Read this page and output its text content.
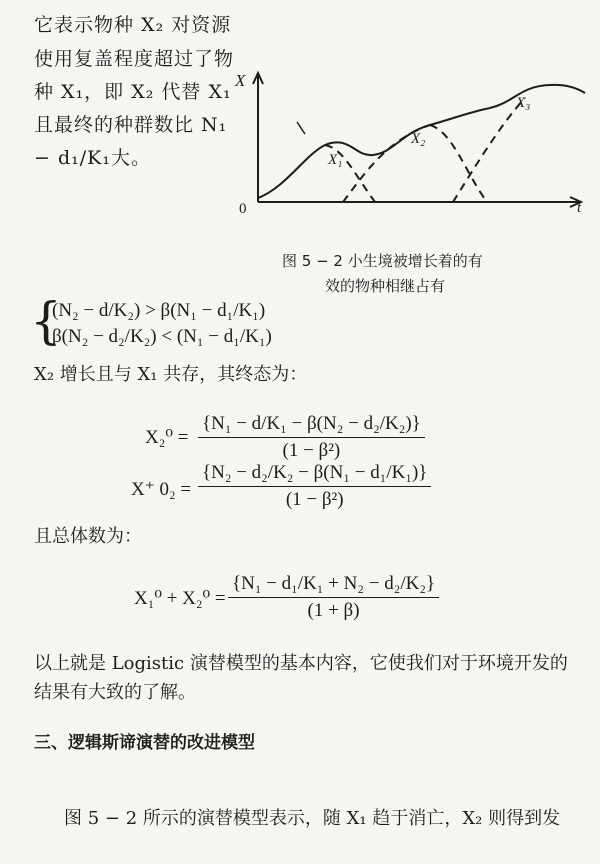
它表示物种 X₂ 对资源
使用复盖程度超过了物
种 X₁，即 X₂ 代替 X₁
且最终的种群数比 N₁
− d₁/K₁大。
X
t
0
X₁
X₂
X₃
图 5 − 2 小生境被增长着的有
效的物种相继占有
{
(N₂ − d/K₂) > β(N₁ − d₁/K₁)
β(N₂ − d₂/K₂) < (N₁ − d₁/K₁)
X₂ 增长且与 X₁ 共存，其终态为：
$X_2^0 = \frac{\text{\{N₁ − d/K₁ − β(N₂ − d₂/K₂)\}}}{\text{(1 − β²)}}$
X⁺ $0_2 = \frac{\text{\{N₂ − d₂/K₂ − β(N₁ − d₁/K₁)\}}}{\text{(1 − β²)}}$
且总体数为：
$X_1^0 + X_2^0 = \frac{\text{\{N₁ − d₁/K₁ + N₂ − d₂/K₂\}}}{(1 + \beta)}$
以上就是 Logistic 演替模型的基本内容，它使我们对于环境开发的
结果有大致的了解。
三、逻辑斯谛演替的改进模型
图 5 − 2 所示的演替模型表示，随 X₁ 趋于消亡，X₂ 则得到发
